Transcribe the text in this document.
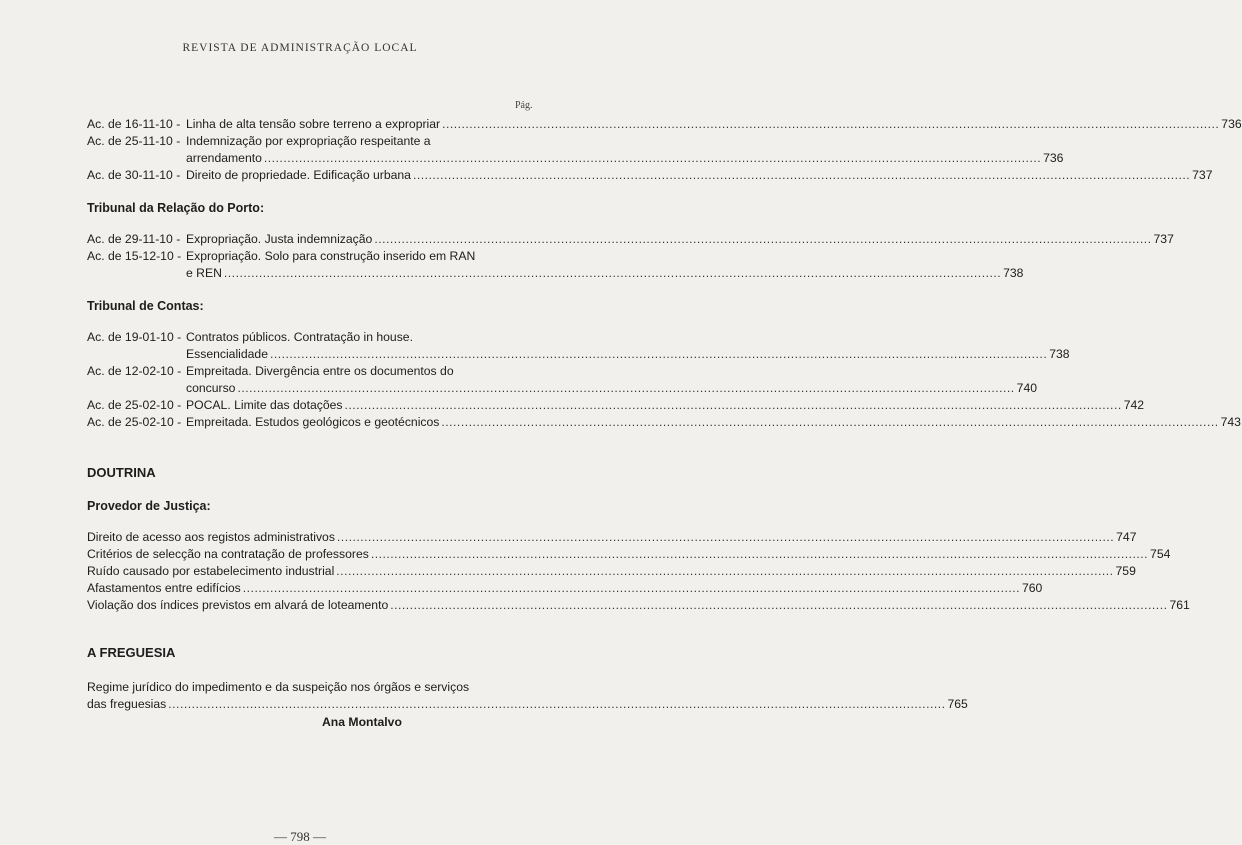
REVISTA DE ADMINISTRAÇÃO LOCAL
Pág.
Ac. de 16-11-10 - Linha de alta tensão sobre terreno a expropriar ........................................................................................................................................................................................................ 736
Ac. de 25-11-10 - Indemnização por expropriação respeitante a
arrendamento ........................................................................................................................................................................................................ 736
Ac. de 30-11-10 - Direito de propriedade. Edificação urbana ........................................................................................................................................................................................................ 737
Tribunal da Relação do Porto:
Ac. de 29-11-10 - Expropriação. Justa indemnização ........................................................................................................................................................................................................ 737
Ac. de 15-12-10 - Expropriação. Solo para construção inserido em RAN
e REN ........................................................................................................................................................................................................ 738
Tribunal de Contas:
Ac. de 19-01-10 - Contratos públicos. Contratação in house.
Essencialidade ........................................................................................................................................................................................................ 738
Ac. de 12-02-10 - Empreitada. Divergência entre os documentos do
concurso ........................................................................................................................................................................................................ 740
Ac. de 25-02-10 - POCAL. Limite das dotações ........................................................................................................................................................................................................ 742
Ac. de 25-02-10 - Empreitada. Estudos geológicos e geotécnicos ........................................................................................................................................................................................................ 743
DOUTRINA
Provedor de Justiça:
Direito de acesso aos registos administrativos ........................................................................................................................................................................................................ 747
Critérios de selecção na contratação de professores ........................................................................................................................................................................................................ 754
Ruído causado por estabelecimento industrial ........................................................................................................................................................................................................ 759
Afastamentos entre edifícios ........................................................................................................................................................................................................ 760
Violação dos índices previstos em alvará de loteamento ........................................................................................................................................................................................................ 761
A FREGUESIA
Regime jurídico do impedimento e da suspeição nos órgãos e serviços
das freguesias ........................................................................................................................................................................................................ 765
Ana Montalvo
— 798 —
